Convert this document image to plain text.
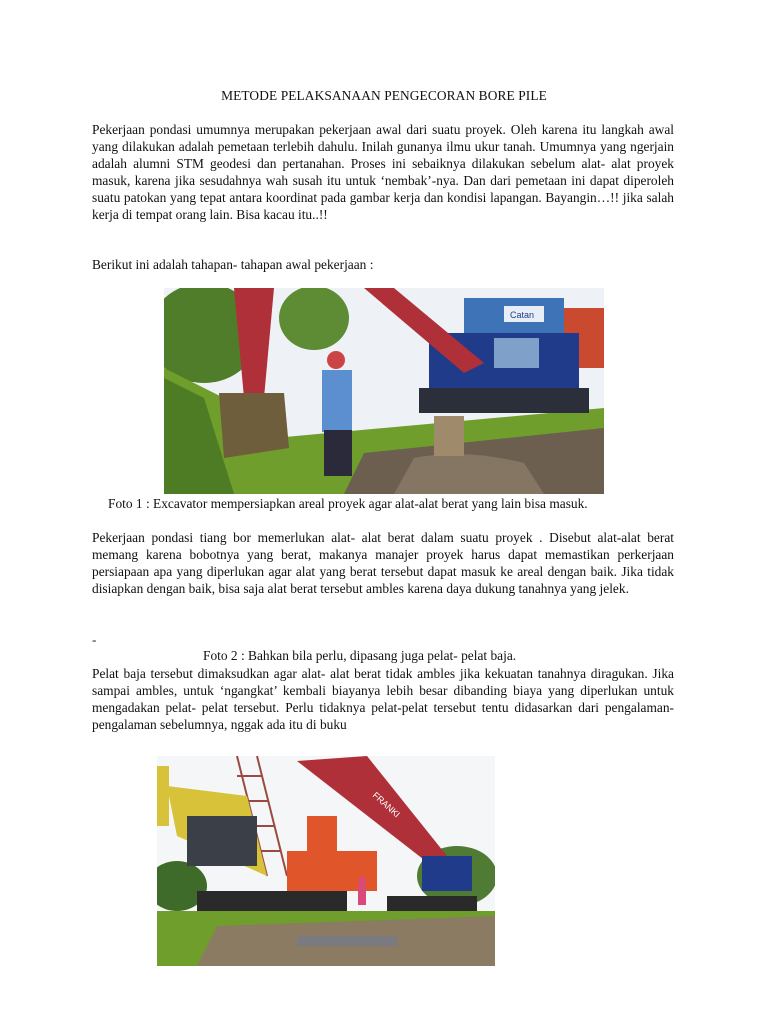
METODE PELAKSANAAN PENGECORAN BORE PILE

Pekerjaan pondasi umumnya merupakan pekerjaan awal dari suatu proyek. Oleh karena itu langkah awal yang dilakukan adalah pemetaan terlebih dahulu. Inilah gunanya ilmu ukur tanah. Umumnya yang ngerjain adalah alumni STM geodesi dan pertanahan. Proses ini sebaiknya dilakukan sebelum alat- alat proyek masuk, karena jika sesudahnya wah susah itu untuk ‘nembak’-nya. Dan dari pemetaan ini dapat diperoleh suatu patokan yang tepat antara koordinat pada gambar kerja dan kondisi lapangan. Bayangin…!! jika salah kerja di tempat orang lain. Bisa kacau itu..!!

Berikut ini adalah tahapan- tahapan awal pekerjaan :

Catan

Foto 1 : Excavator mempersiapkan areal proyek agar alat-alat berat yang lain bisa masuk.

Pekerjaan pondasi tiang bor memerlukan alat- alat berat dalam suatu proyek . Disebut alat-alat berat memang karena bobotnya yang berat, makanya manajer proyek harus dapat memastikan perkerjaan persiapaan apa yang diperlukan agar alat yang berat tersebut dapat masuk ke areal dengan baik. Jika tidak disiapkan dengan baik, bisa saja alat berat tersebut ambles karena daya dukung tanahnya yang jelek.

-

Foto 2 : Bahkan bila perlu, dipasang juga pelat- pelat baja.

Pelat baja tersebut dimaksudkan agar alat- alat berat tidak ambles jika kekuatan tanahnya diragukan. Jika sampai ambles, untuk ‘ngangkat’ kembali biayanya lebih besar dibanding biaya yang diperlukan untuk mengadakan pelat- pelat tersebut. Perlu tidaknya pelat-pelat tersebut tentu didasarkan dari pengalaman- pengalaman sebelumnya, nggak ada itu di buku

FRANKI
